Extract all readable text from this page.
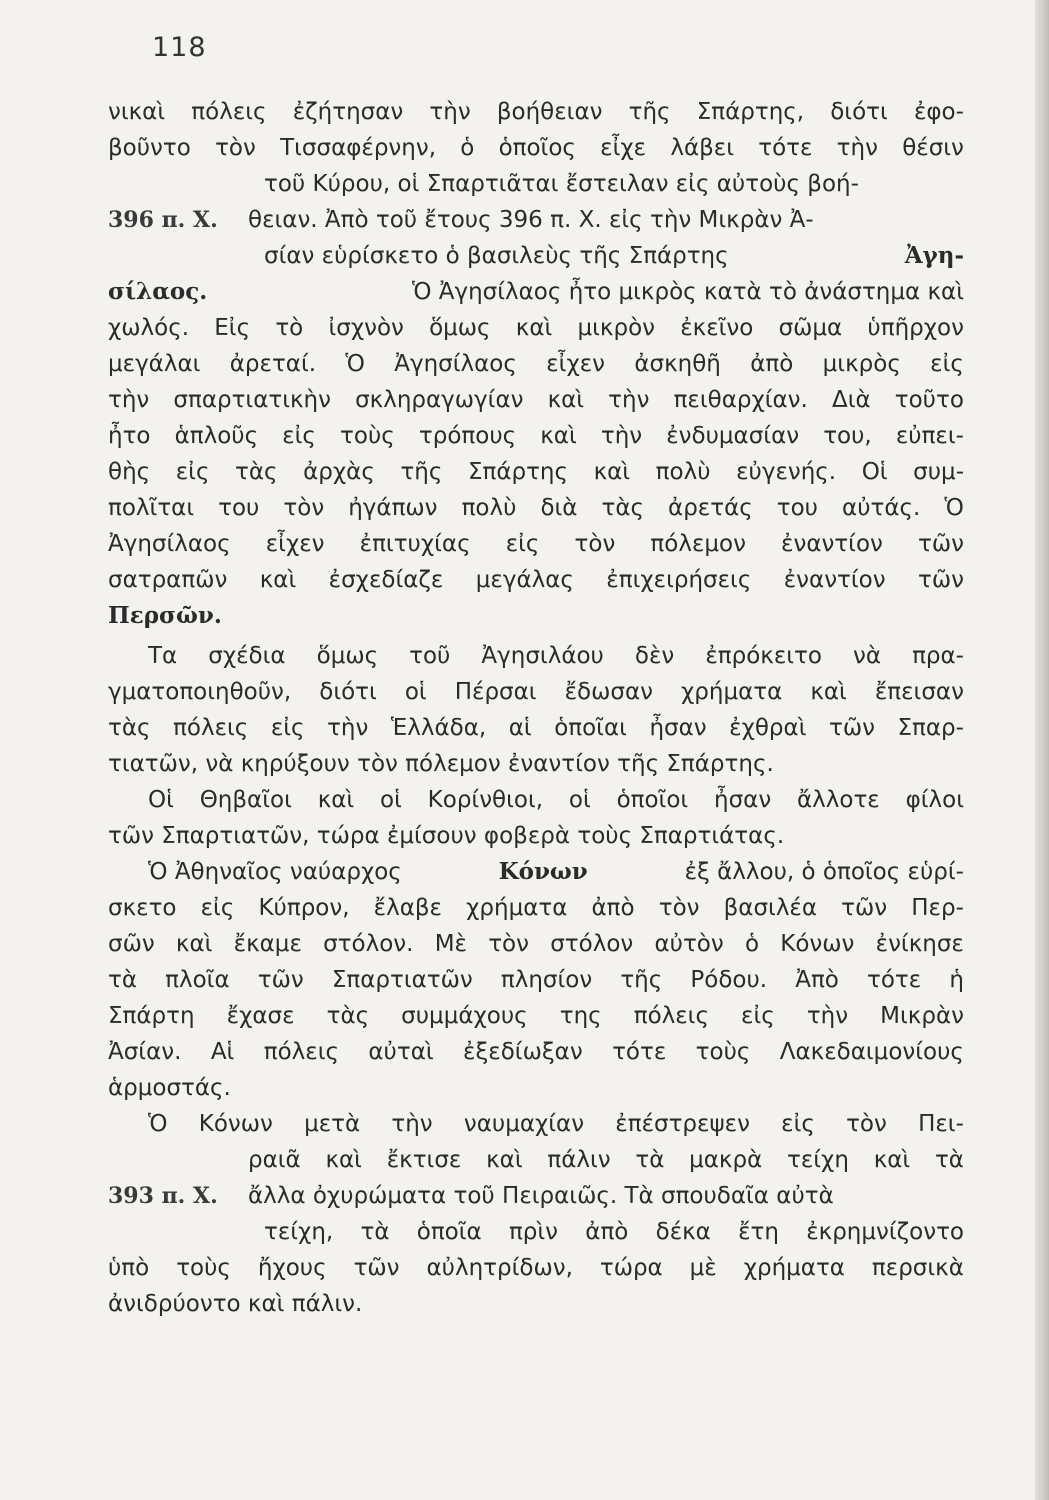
118
νικαὶ πόλεις ἐζήτησαν τὴν βοήθειαν τῆς Σπάρτης, διότι ἐφο-
βοῦντο τὸν Τισσαφέρνην, ὁ ὁποῖος εἶχε λάβει τότε τὴν θέσιν
τοῦ Κύρου, οἱ Σπαρτιᾶται ἔστειλαν εἰς αὐτοὺς βοή-
396 π. Χ.	θειαν. Ἀπὸ τοῦ ἔτους 396 π. Χ. εἰς τὴν Μικρὰν Ἀ-
σίαν εὑρίσκετο ὁ βασιλεὺς τῆς Σπάρτης	Ἀγη-
σίλαος.	Ὁ Ἀγησίλαος ἦτο μικρὸς κατὰ τὸ ἀνάστημα καὶ
χωλός. Εἰς τὸ ἰσχνὸν ὅμως καὶ μικρὸν ἐκεῖνο σῶμα ὑπῆρχον
μεγάλαι ἀρεταί. Ὁ Ἀγησίλαος εἶχεν ἀσκηθῆ ἀπὸ μικρὸς εἰς
τὴν σπαρτιατικὴν σκληραγωγίαν καὶ τὴν πειθαρχίαν. Διὰ τοῦτο
ἦτο ἁπλοῦς εἰς τοὺς τρόπους καὶ τὴν ἐνδυμασίαν του, εὐπει-
θὴς εἰς τὰς ἀρχὰς τῆς Σπάρτης καὶ πολὺ εὐγενής. Οἱ συμ-
πολῖται του τὸν ἠγάπων πολὺ διὰ τὰς ἀρετάς του αὐτάς. Ὁ
Ἀγησίλαος εἶχεν ἐπιτυχίας εἰς τὸν πόλεμον ἐναντίον τῶν
σατραπῶν καὶ ἐσχεδίαζε μεγάλας ἐπιχειρήσεις ἐναντίον τῶν
Περσῶν.
Τα σχέδια ὅμως τοῦ Ἀγησιλάου δὲν ἐπρόκειτο νὰ πρα-
γματοποιηθοῦν, διότι οἱ Πέρσαι ἔδωσαν χρήματα καὶ ἔπεισαν
τὰς πόλεις εἰς τὴν Ἑλλάδα, αἱ ὁποῖαι ἦσαν ἐχθραὶ τῶν Σπαρ-
τιατῶν, νὰ κηρύξουν τὸν πόλεμον ἐναντίον τῆς Σπάρτης.
Οἱ Θηβαῖοι καὶ οἱ Κορίνθιοι, οἱ ὁποῖοι ἦσαν ἄλλοτε φίλοι
τῶν Σπαρτιατῶν, τώρα ἐμίσουν φοβερὰ τοὺς Σπαρτιάτας.
Ὁ Ἀθηναῖος ναύαρχος	Κόνων	ἐξ ἄλλου, ὁ ὁποῖος εὑρί-
σκετο εἰς Κύπρον, ἔλαβε χρήματα ἀπὸ τὸν βασιλέα τῶν Περ-
σῶν καὶ ἔκαμε στόλον. Μὲ τὸν στόλον αὐτὸν ὁ Κόνων ἐνίκησε
τὰ πλοῖα τῶν Σπαρτιατῶν πλησίον τῆς Ρόδου. Ἀπὸ τότε ἡ
Σπάρτη ἔχασε τὰς συμμάχους της πόλεις εἰς τὴν Μικρὰν
Ἀσίαν. Αἱ πόλεις αὐταὶ ἐξεδίωξαν τότε τοὺς Λακεδαιμονίους
ἁρμοστάς.
Ὁ Κόνων μετὰ τὴν ναυμαχίαν ἐπέστρεψεν εἰς τὸν Πει-
ραιᾶ καὶ ἔκτισε καὶ πάλιν τὰ μακρὰ τείχη καὶ τὰ
393 π. Χ.	ἄλλα ὀχυρώματα τοῦ Πειραιῶς. Τὰ σπουδαῖα αὐτὰ
τείχη, τὰ ὁποῖα πρὶν ἀπὸ δέκα ἔτη ἐκρημνίζοντο
ὑπὸ τοὺς ἤχους τῶν αὐλητρίδων, τώρα μὲ χρήματα περσικὰ
ἀνιδρύοντο καὶ πάλιν.
